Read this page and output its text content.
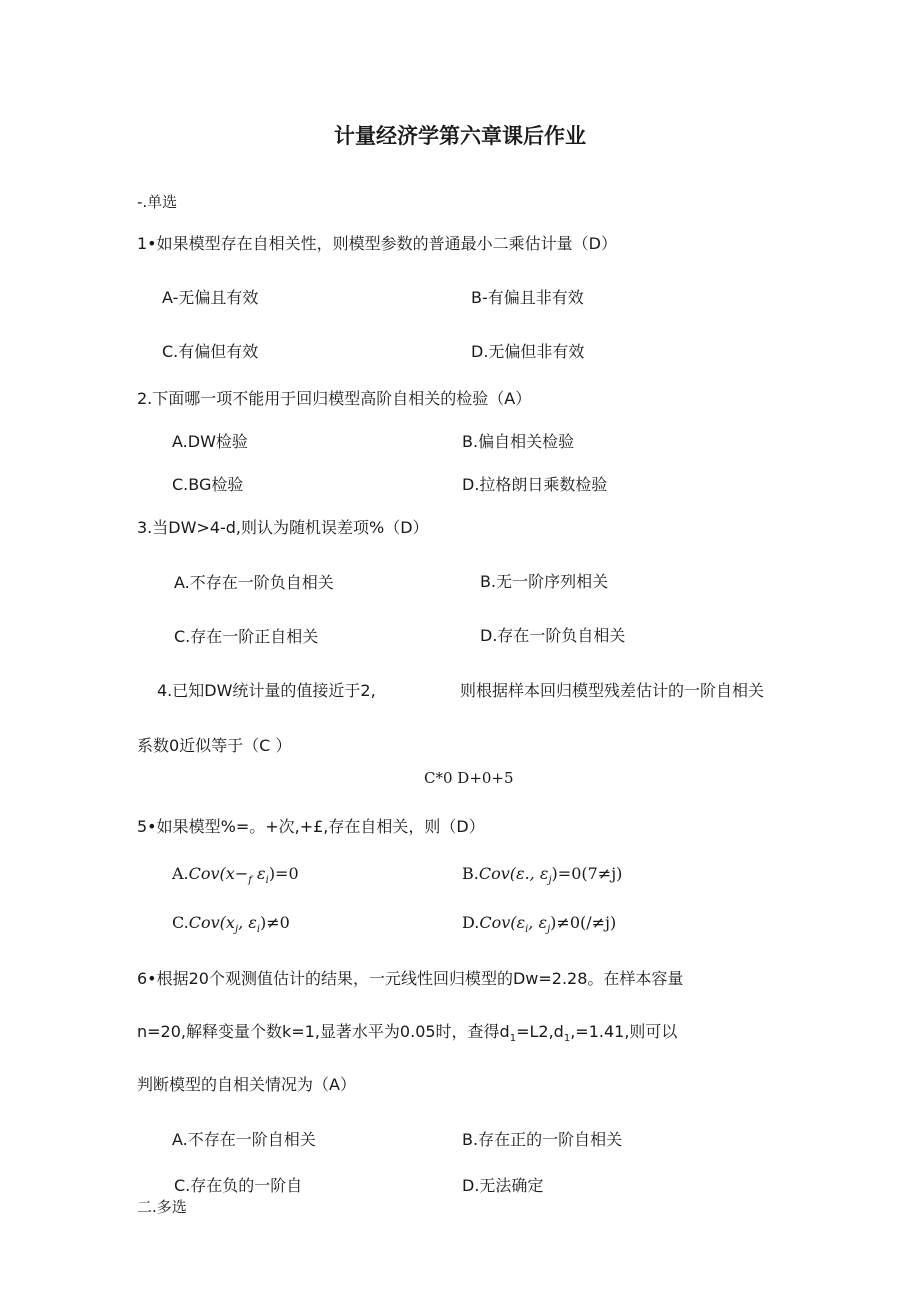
计量经济学第六章课后作业
-.单选
1•如果模型存在自相关性，则模型参数的普通最小二乘估计量（D）
A-无偏且有效	B-有偏且非有效
C.有偏但有效	D.无偏但非有效
2.下面哪一项不能用于回归模型高阶自相关的检验（A）
A.DW检验	B.偏自相关检验
C.BG检验	D.拉格朗日乘数检验
3.当DW>4-d,则认为随机误差项%（D）
A.不存在一阶负自相关	B.无一阶序列相关
C.存在一阶正自相关	D.存在一阶负自相关
4.已知DW统计量的值接近于2,	则根据样本回归模型残差估计的一阶自相关
系数0近似等于（C ）
C*0 D+0+5
5•如果模型%=。+次,+£,存在自相关，则（D）
$A.Cov(x-_f$ $\varepsilon_i)=0$	B.Cov(ε., $\varepsilon_j)=0(7\ne j)$
$C.Cov(x_j$, $\varepsilon_i)\ne 0$	$D.Cov(\varepsilon_i$, $\varepsilon_j)\ne 0(/\ne j)$
6•根据20个观测值估计的结果，一元线性回归模型的Dw=2.28。在样本容量
n=20,解释变量个数k=1,显著水平为0.05时，查得$d_1=L2,d_1,=1.41$,则可以
判断模型的自相关情况为（A）
A.不存在一阶自相关	B.存在正的一阶自相关
C.存在负的一阶自	D.无法确定
二.多选
